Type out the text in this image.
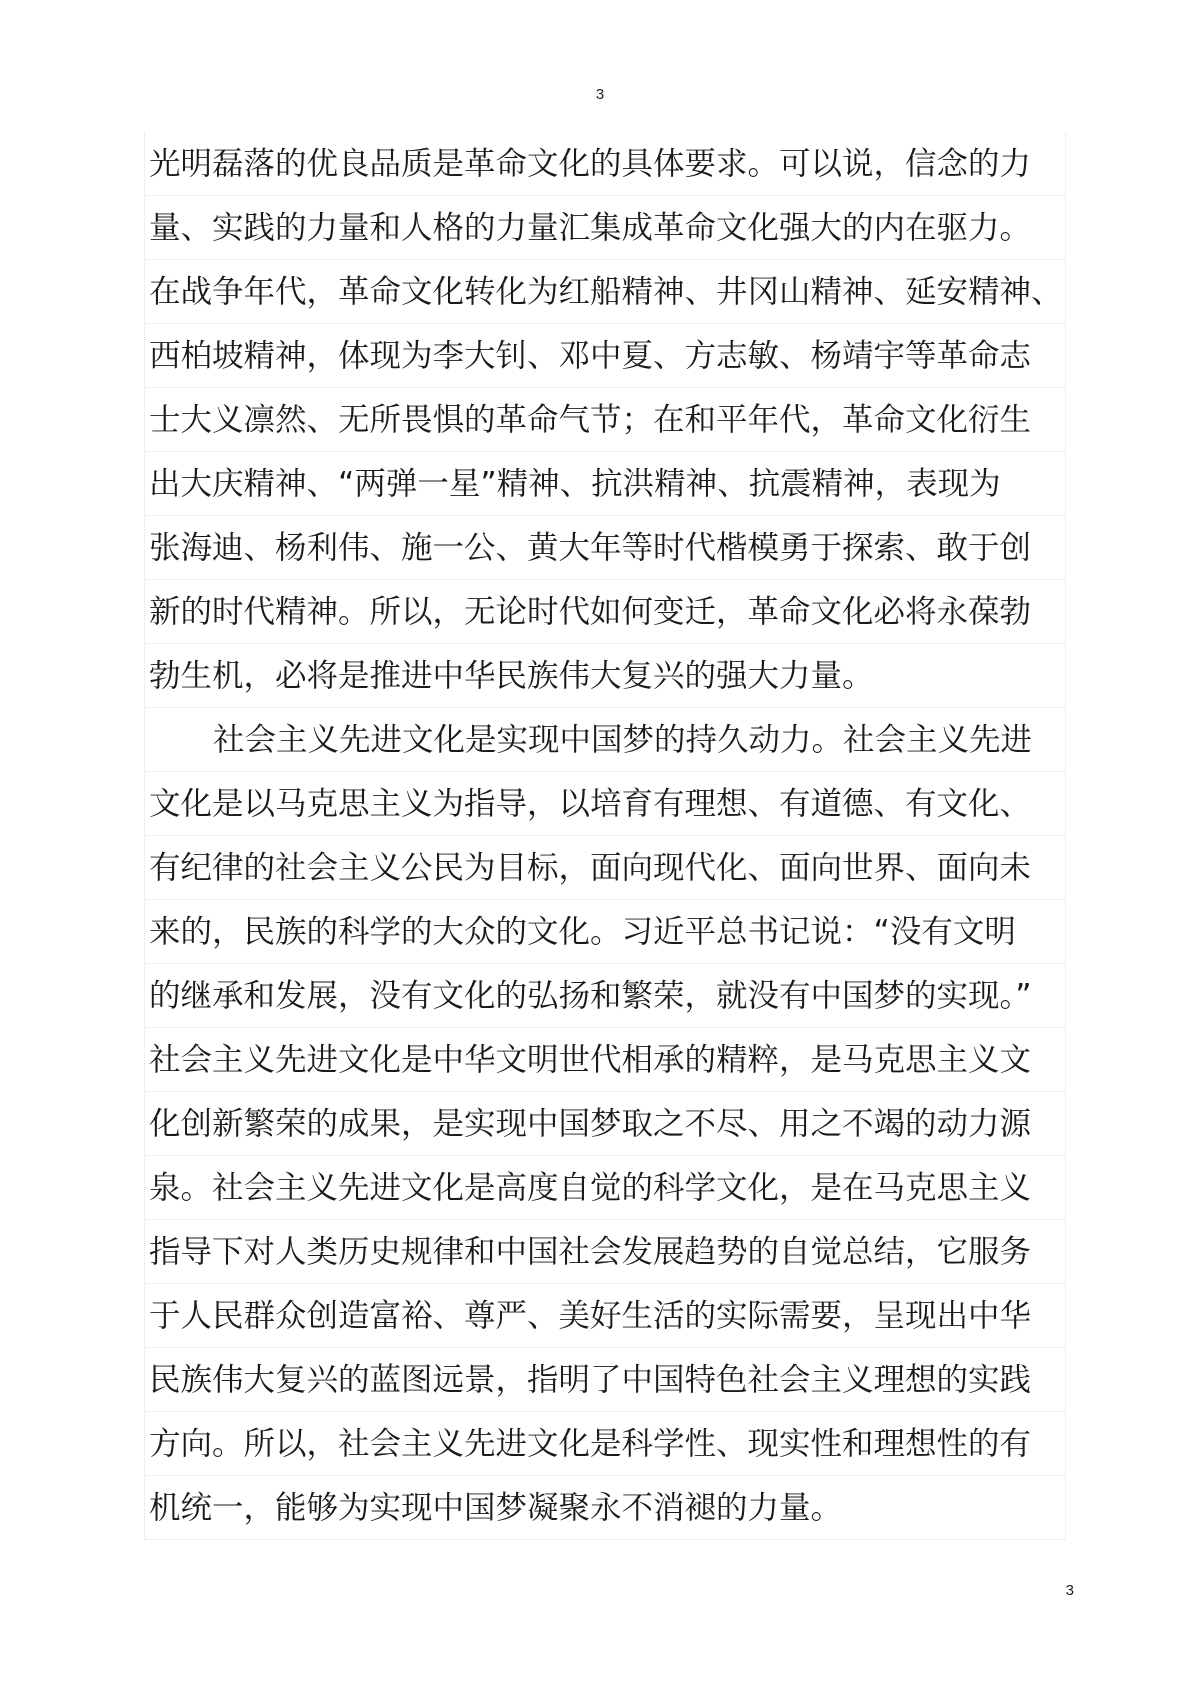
3
光明磊落的优良品质是革命文化的具体要求。可以说，信念的力
量、实践的力量和人格的力量汇集成革命文化强大的内在驱力。
在战争年代，革命文化转化为红船精神、井冈山精神、延安精神、
西柏坡精神，体现为李大钊、邓中夏、方志敏、杨靖宇等革命志
士大义凛然、无所畏惧的革命气节；在和平年代，革命文化衍生
出大庆精神、“两弹一星”精神、抗洪精神、抗震精神，表现为
张海迪、杨利伟、施一公、黄大年等时代楷模勇于探索、敢于创
新的时代精神。所以，无论时代如何变迁，革命文化必将永葆勃
勃生机，必将是推进中华民族伟大复兴的强大力量。
社会主义先进文化是实现中国梦的持久动力。社会主义先进
文化是以马克思主义为指导，以培育有理想、有道德、有文化、
有纪律的社会主义公民为目标，面向现代化、面向世界、面向未
来的，民族的科学的大众的文化。习近平总书记说：“没有文明
的继承和发展，没有文化的弘扬和繁荣，就没有中国梦的实现。”
社会主义先进文化是中华文明世代相承的精粹，是马克思主义文
化创新繁荣的成果，是实现中国梦取之不尽、用之不竭的动力源
泉。社会主义先进文化是高度自觉的科学文化，是在马克思主义
指导下对人类历史规律和中国社会发展趋势的自觉总结，它服务
于人民群众创造富裕、尊严、美好生活的实际需要，呈现出中华
民族伟大复兴的蓝图远景，指明了中国特色社会主义理想的实践
方向。所以，社会主义先进文化是科学性、现实性和理想性的有
机统一，能够为实现中国梦凝聚永不消褪的力量。
3
